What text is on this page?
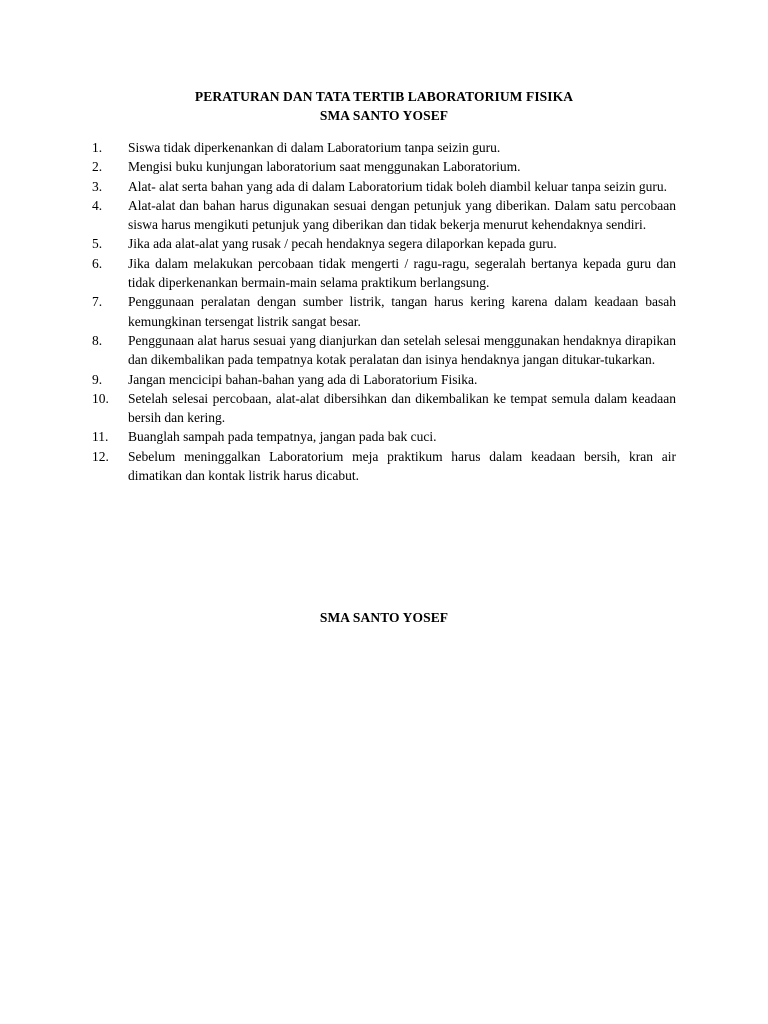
PERATURAN DAN TATA TERTIB LABORATORIUM FISIKA

SMA SANTO YOSEF

1.	Siswa tidak diperkenankan di dalam Laboratorium tanpa seizin guru.
2.	Mengisi buku kunjungan laboratorium saat menggunakan Laboratorium.
3.	Alat- alat serta bahan yang ada di dalam Laboratorium tidak boleh diambil keluar tanpa seizin guru.
4.	Alat-alat dan bahan harus digunakan sesuai dengan petunjuk yang diberikan. Dalam satu percobaan siswa harus mengikuti petunjuk yang diberikan dan tidak bekerja menurut kehendaknya sendiri.
5.	Jika ada alat-alat yang rusak / pecah hendaknya segera dilaporkan kepada guru.
6.	Jika dalam melakukan percobaan tidak mengerti / ragu-ragu, segeralah bertanya kepada guru dan tidak diperkenankan bermain-main selama praktikum berlangsung.
7.	Penggunaan peralatan dengan sumber listrik, tangan harus kering karena dalam keadaan basah kemungkinan tersengat listrik sangat besar.
8.	Penggunaan alat harus sesuai yang dianjurkan dan setelah selesai menggunakan hendaknya dirapikan dan dikembalikan pada tempatnya kotak peralatan dan isinya hendaknya jangan ditukar-tukarkan.
9.	Jangan mencicipi bahan-bahan yang ada di Laboratorium Fisika.
10.	Setelah selesai percobaan, alat-alat dibersihkan dan dikembalikan ke tempat semula dalam keadaan bersih dan kering.
11.	Buanglah sampah pada tempatnya, jangan pada bak cuci.
12.	Sebelum meninggalkan Laboratorium meja praktikum harus dalam keadaan bersih, kran air dimatikan dan kontak listrik harus dicabut.

SMA SANTO YOSEF
